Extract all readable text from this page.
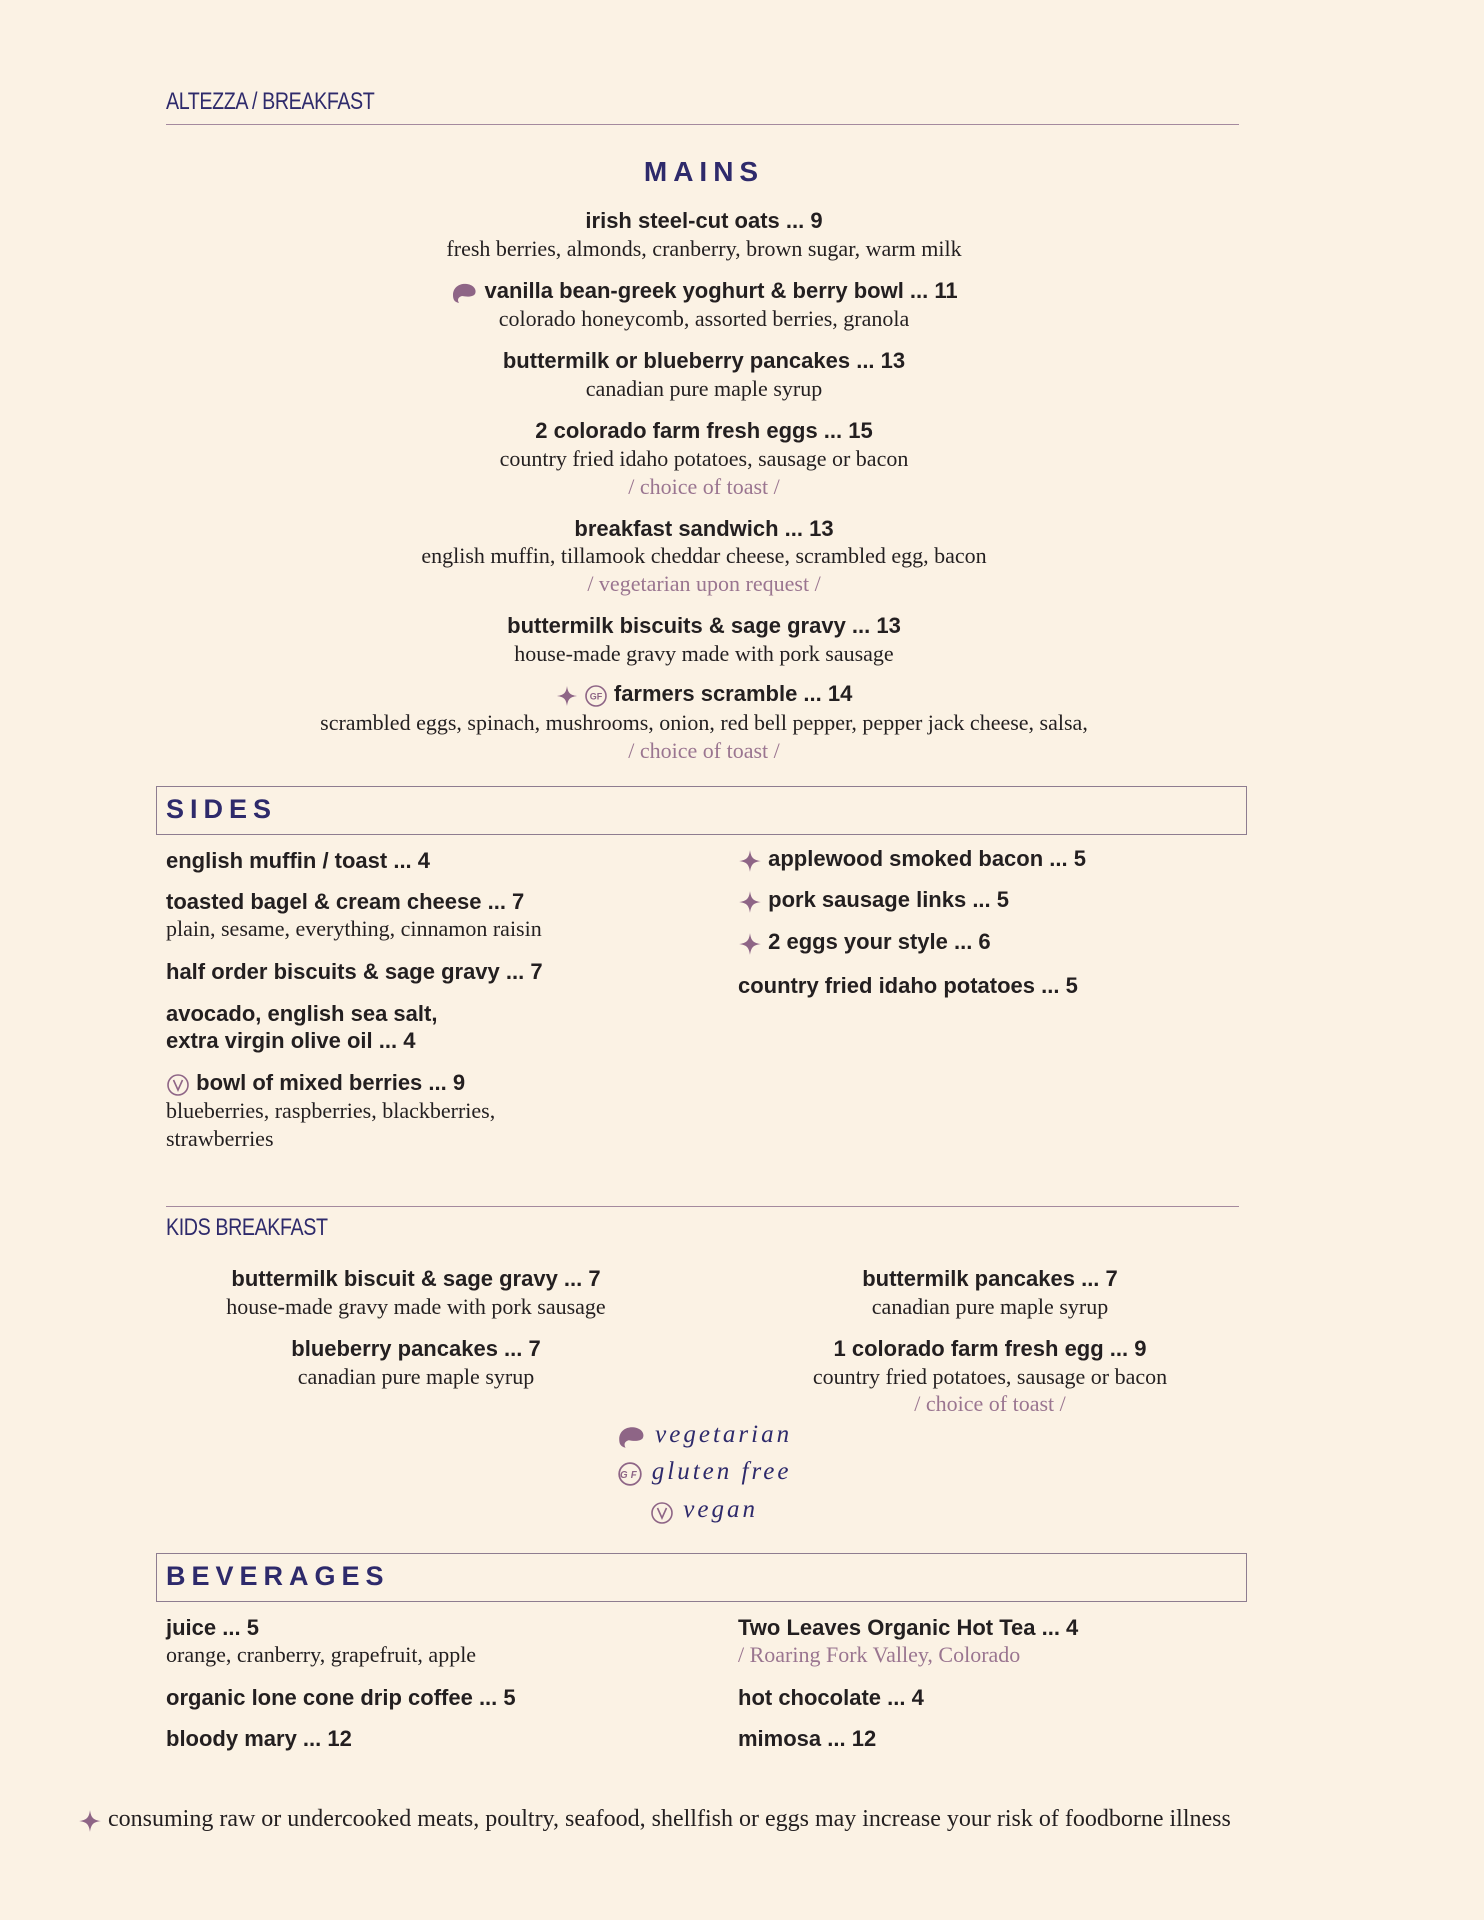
ALTEZZA / BREAKFAST
MAINS
irish steel-cut oats ... 9
fresh berries, almonds, cranberry, brown sugar, warm milk
vanilla bean-greek yoghurt & berry bowl ... 11
colorado honeycomb, assorted berries, granola
buttermilk or blueberry pancakes ... 13
canadian pure maple syrup
2 colorado farm fresh eggs ... 15
country fried idaho potatoes, sausage or bacon
/ choice of toast /
breakfast sandwich ... 13
english muffin, tillamook cheddar cheese, scrambled egg, bacon
/ vegetarian upon request /
buttermilk biscuits & sage gravy ... 13
house-made gravy made with pork sausage

GF farmers scramble ... 14
scrambled eggs, spinach, mushrooms, onion, red bell pepper, pepper jack cheese, salsa,
/ choice of toast /
SIDES
english muffin / toast ... 4
toasted bagel & cream cheese ... 7
plain, sesame, everything, cinnamon raisin
half order biscuits & sage gravy ... 7
avocado, english sea salt,
extra virgin olive oil ... 4
bowl of mixed berries ... 9
blueberries, raspberries, blackberries,
strawberries
applewood smoked bacon ... 5
pork sausage links ... 5
2 eggs your style ... 6
country fried idaho potatoes ... 5
KIDS BREAKFAST
buttermilk biscuit & sage gravy ... 7
house-made gravy made with pork sausage
blueberry pancakes ... 7
canadian pure maple syrup
buttermilk pancakes ... 7
canadian pure maple syrup
1 colorado farm fresh egg ... 9
country fried potatoes, sausage or bacon
/ choice of toast /
vegetarian
GF gluten free
vegan
BEVERAGES
juice ... 5
orange, cranberry, grapefruit, apple
organic lone cone drip coffee ... 5
bloody mary ... 12
Two Leaves Organic Hot Tea ... 4
/ Roaring Fork Valley, Colorado
hot chocolate ... 4
mimosa ... 12
consuming raw or undercooked meats, poultry, seafood, shellfish or eggs may increase your risk of foodborne illness
